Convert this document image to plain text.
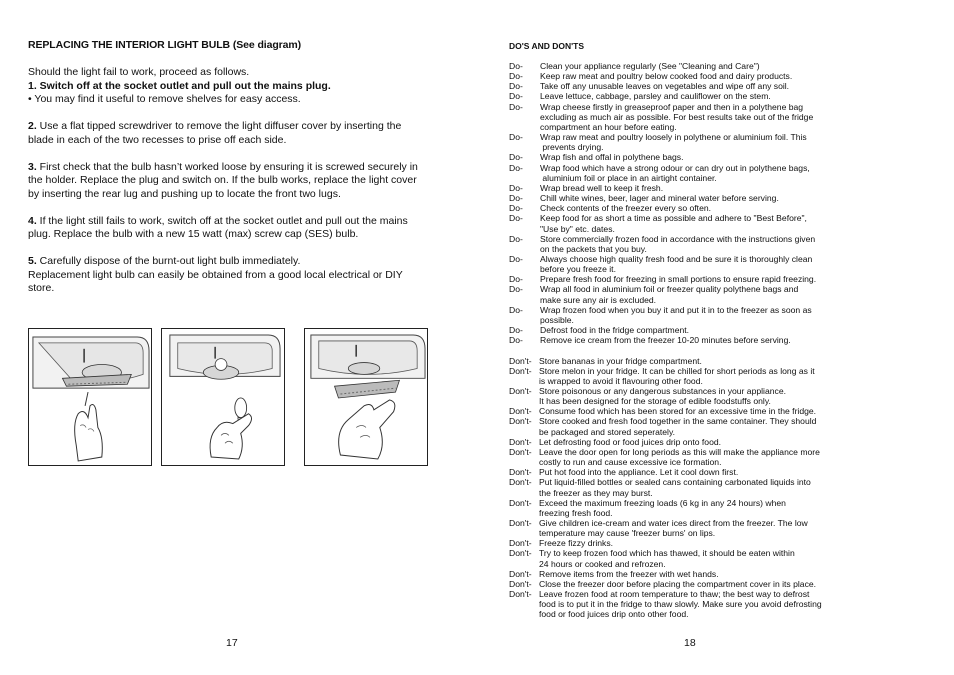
REPLACING THE INTERIOR LIGHT BULB (See diagram)

Should the light fail to work, proceed as follows.

1. Switch off at the socket outlet and pull out the mains plug.

• You may find it useful to remove shelves for easy access.

2. Use a flat tipped screwdriver to remove the light diffuser cover by inserting the blade in each of the two recesses to prise off each side.

3. First check that the bulb hasn’t worked loose by ensuring it is screwed securely in the holder. Replace the plug and switch on. If the bulb works, replace the light cover by inserting the rear lug and pushing up to locate the front two lugs.

4. If the light still fails to work, switch off at the socket outlet and pull out the mains plug. Replace the bulb with a new 15 watt (max) screw cap (SES) bulb.

5. Carefully dispose of the burnt-out light bulb immediately.

Replacement light bulb can easily be obtained from a good local electrical or DIY store.

17
DO'S AND DON'TS
Do-	Clean your appliance regularly (See "Cleaning and Care")
Do-	Keep raw meat and poultry below cooked food and dairy products.
Do-	Take off any unusable leaves on vegetables and wipe off any soil.
Do-	Leave lettuce, cabbage, parsley and cauliflower on the stem.
Do-	Wrap cheese firstly in greaseproof paper and then in a polythene bag
excluding as much air as possible. For best results take out of the fridge
compartment an hour before eating.
Do-	Wrap raw meat and poultry loosely in polythene or aluminium foil. This
prevents drying.
Do-	Wrap fish and offal in polythene bags.
Do-	Wrap food which have a strong odour or can dry out in polythene bags,
aluminium foil or place in an airtight container.
Do-	Wrap bread well to keep it fresh.
Do-	Chill white wines, beer, lager and mineral water before serving.
Do-	Check contents of the freezer every so often.
Do-	Keep food for as short a time as possible and adhere to "Best Before",
"Use by" etc. dates.
Do-	Store commercially frozen food in accordance with the instructions given
on the packets that you buy.
Do-	Always choose high quality fresh food and be sure it is thoroughly clean
before you freeze it.
Do-	Prepare fresh food for freezing in small portions to ensure rapid freezing.
Do-	Wrap all food in aluminium foil or freezer quality polythene bags and
make sure any air is excluded.
Do-	Wrap frozen food when you buy it and put it in to the freezer as soon as
possible.
Do-	Defrost food in the fridge compartment.
Do-	Remove ice cream from the freezer 10-20 minutes before serving.
Don't- Store bananas in your fridge compartment.
Don't- Store melon in your fridge. It can be chilled for short periods as long as it
is wrapped to avoid it flavouring other food.
Don't- Store poisonous or any dangerous substances in your appliance.
It has been designed for the storage of edible foodstuffs only.
Don't- Consume food which has been stored for an excessive time in the fridge.
Don't- Store cooked and fresh food together in the same container. They should
be packaged and stored seperately.
Don't- Let defrosting food or food juices drip onto food.
Don't- Leave the door open for long periods as this will make the appliance more
costly to run and cause excessive ice formation.
Don't- Put hot food into the appliance. Let it cool down first.
Don't- Put liquid-filled bottles or sealed cans containing carbonated liquids into
the freezer as they may burst.
Don't- Exceed the maximum freezing loads (6 kg in any 24 hours) when
freezing fresh food.
Don't- Give children ice-cream and water ices direct from the freezer. The low
temperature may cause 'freezer burns' on lips.
Don't- Freeze fizzy drinks.
Don't- Try to keep frozen food which has thawed, it should be eaten within
24 hours or cooked and refrozen.
Don't- Remove items from the freezer with wet hands.
Don't- Close the freezer door before placing the compartment cover in its place.
Don't- Leave frozen food at room temperature to thaw; the best way to defrost
food is to put it in the fridge to thaw slowly. Make sure you avoid defrosting
food or food juices drip onto other food.
18
